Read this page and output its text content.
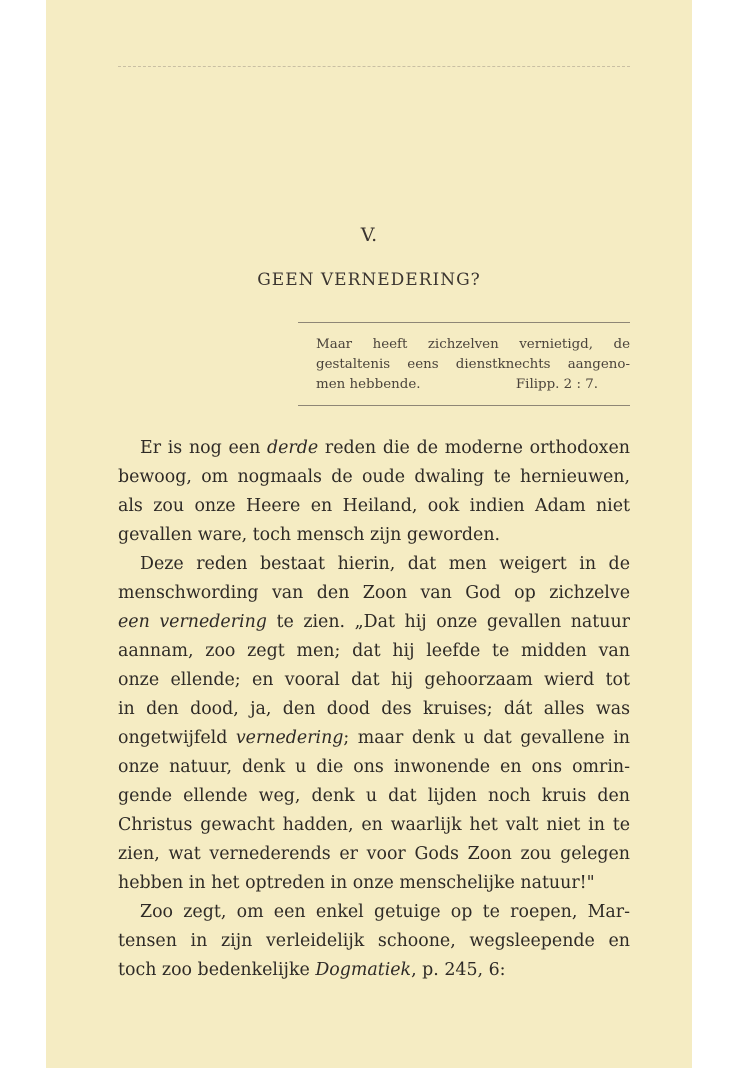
V.
GEEN VERNEDERING?
Maar heeft zichzelven vernietigd, de
gestaltenis eens dienstknechts aangeno-
men hebbende.	Filipp. 2 : 7.
Er is nog een derde reden die de moderne orthodoxen
bewoog, om nogmaals de oude dwaling te hernieuwen,
als zou onze Heere en Heiland, ook indien Adam niet
gevallen ware, toch mensch zijn geworden.
Deze reden bestaat hierin, dat men weigert in de
menschwording van den Zoon van God op zichzelve
een vernedering te zien. „Dat hij onze gevallen natuur
aannam, zoo zegt men; dat hij leefde te midden van
onze ellende; en vooral dat hij gehoorzaam wierd tot
in den dood, ja, den dood des kruises; dát alles was
ongetwijfeld vernedering; maar denk u dat gevallene in
onze natuur, denk u die ons inwonende en ons omrin-
gende ellende weg, denk u dat lijden noch kruis den
Christus gewacht hadden, en waarlijk het valt niet in te
zien, wat vernederends er voor Gods Zoon zou gelegen
hebben in het optreden in onze menschelijke natuur!"
Zoo zegt, om een enkel getuige op te roepen, Mar-
tensen in zijn verleidelijk schoone, wegsleepende en
toch zoo bedenkelijke Dogmatiek, p. 245, 6:
